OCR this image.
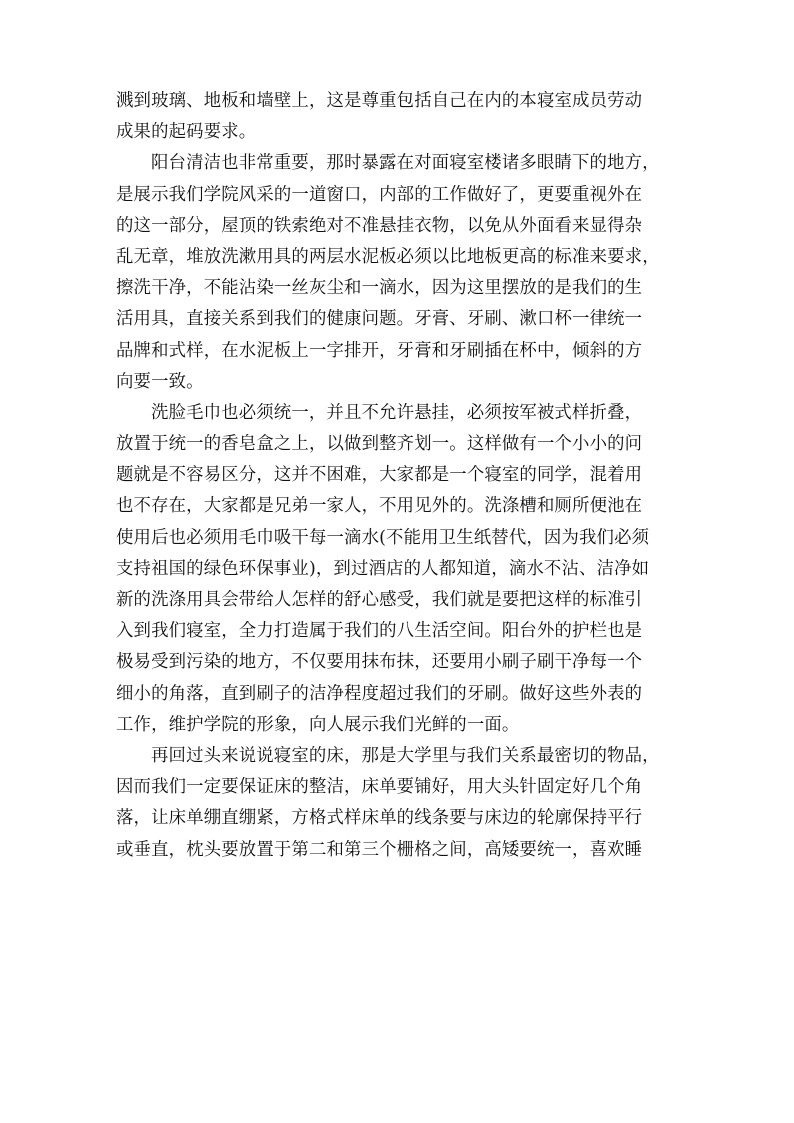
溅到玻璃、地板和墙壁上，这是尊重包括自己在内的本寝室成员劳动
成果的起码要求。
阳台清洁也非常重要，那时暴露在对面寝室楼诸多眼睛下的地方，
是展示我们学院风采的一道窗口，内部的工作做好了，更要重视外在
的这一部分，屋顶的铁索绝对不准悬挂衣物，以免从外面看来显得杂
乱无章，堆放洗漱用具的两层水泥板必须以比地板更高的标准来要求，
擦洗干净，不能沾染一丝灰尘和一滴水，因为这里摆放的是我们的生
活用具，直接关系到我们的健康问题。牙膏、牙刷、漱口杯一律统一
品牌和式样，在水泥板上一字排开，牙膏和牙刷插在杯中，倾斜的方
向要一致。
洗脸毛巾也必须统一，并且不允许悬挂，必须按军被式样折叠，
放置于统一的香皂盒之上，以做到整齐划一。这样做有一个小小的问
题就是不容易区分，这并不困难，大家都是一个寝室的同学，混着用
也不存在，大家都是兄弟一家人，不用见外的。洗涤槽和厕所便池在
使用后也必须用毛巾吸干每一滴水(不能用卫生纸替代，因为我们必须
支持祖国的绿色环保事业)，到过酒店的人都知道，滴水不沾、洁净如
新的洗涤用具会带给人怎样的舒心感受，我们就是要把这样的标准引
入到我们寝室，全力打造属于我们的八生活空间。阳台外的护栏也是
极易受到污染的地方，不仅要用抹布抹，还要用小刷子刷干净每一个
细小的角落，直到刷子的洁净程度超过我们的牙刷。做好这些外表的
工作，维护学院的形象，向人展示我们光鲜的一面。
再回过头来说说寝室的床，那是大学里与我们关系最密切的物品，
因而我们一定要保证床的整洁，床单要铺好，用大头针固定好几个角
落，让床单绷直绷紧，方格式样床单的线条要与床边的轮廓保持平行
或垂直，枕头要放置于第二和第三个栅格之间，高矮要统一，喜欢睡
